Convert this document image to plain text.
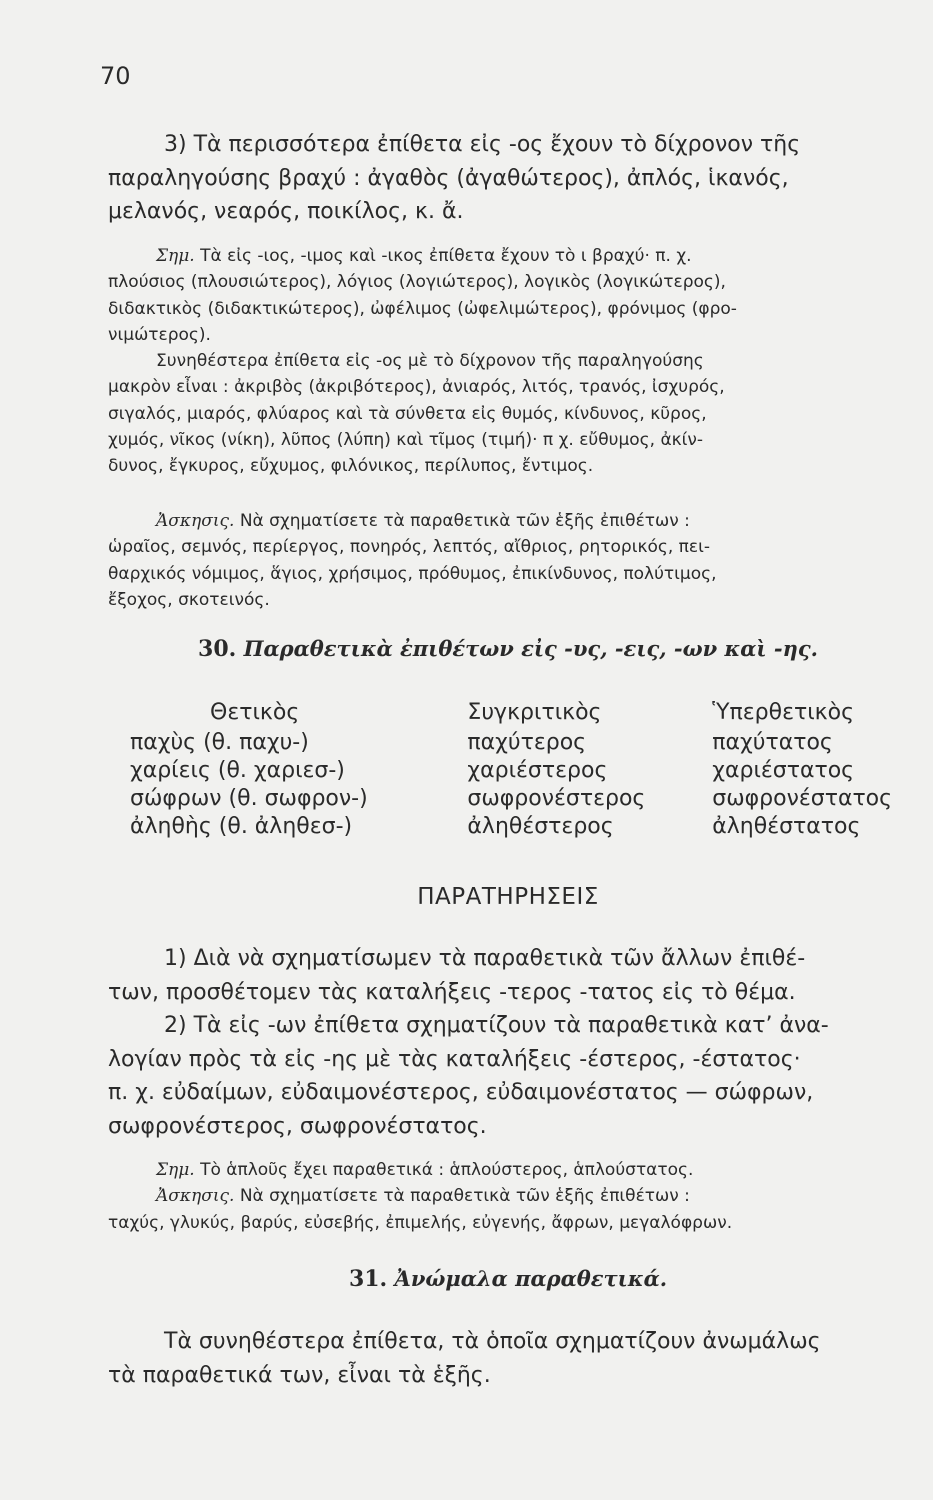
70
3) Τὰ περισσότερα ἐπίθετα εἰς -ος ἔχουν τὸ δίχρονον τῆς
παραληγούσης βραχύ : ἀγαθὸς (ἀγαθώτερος), ἀπλός, ἱκανός,
μελανός, νεαρός, ποικίλος, κ. ἄ.
Σημ. Τὰ εἰς -ιος, -ιμος καὶ -ικος ἐπίθετα ἔχουν τὸ ι βραχύ· π. χ.
πλούσιος (πλουσιώτερος), λόγιος (λογιώτερος), λογικὸς (λογικώτερος),
διδακτικὸς (διδακτικώτερος), ὠφέλιμος (ὠφελιμώτερος), φρόνιμος (φρο-
νιμώτερος).
Συνηθέστερα ἐπίθετα εἰς -ος μὲ τὸ δίχρονον τῆς παραληγούσης
μακρὸν εἶναι : ἀκριβὸς (ἀκριβότερος), ἀνιαρός, λιτός, τρανός, ἰσχυρός,
σιγαλός, μιαρός, φλύαρος καὶ τὰ σύνθετα εἰς θυμός, κίνδυνος, κῦρος,
χυμός, νῖκος (νίκη), λῦπος (λύπη) καὶ τῖμος (τιμή)· π χ. εὔθυμος, ἀκίν-
δυνος, ἔγκυρος, εὔχυμος, φιλόνικος, περίλυπος, ἔντιμος.
Ἀσκησις. Νὰ σχηματίσετε τὰ παραθετικὰ τῶν ἑξῆς ἐπιθέτων :
ὡραῖος, σεμνός, περίεργος, πονηρός, λεπτός, αἴθριος, ρητορικός, πει-
θαρχικός νόμιμος, ἅγιος, χρήσιμος, πρόθυμος, ἐπικίνδυνος, πολύτιμος,
ἔξοχος, σκοτεινός.
30. Παραθετικὰ ἐπιθέτων εἰς -υς, -εις, -ων καὶ -ης.
Θετικὸς	Συγκριτικὸς	Ὑπερθετικὸς
παχὺς (θ. παχυ-)	παχύτερος	παχύτατος
χαρίεις (θ. χαριεσ-)	χαριέστερος	χαριέστατος
σώφρων (θ. σωφρον-)	σωφρονέστερος	σωφρονέστατος
ἀληθὴς (θ. ἀληθεσ-)	ἀληθέστερος	ἀληθέστατος
ΠΑΡΑΤΗΡΗΣΕΙΣ
1) Διὰ νὰ σχηματίσωμεν τὰ παραθετικὰ τῶν ἄλλων ἐπιθέ-
των, προσθέτομεν τὰς καταλήξεις -τερος -τατος εἰς τὸ θέμα.
2) Τὰ εἰς -ων ἐπίθετα σχηματίζουν τὰ παραθετικὰ κατ’ ἀνα-
λογίαν πρὸς τὰ εἰς -ης μὲ τὰς καταλήξεις -έστερος, -έστατος·
π. χ. εὐδαίμων, εὐδαιμονέστερος, εὐδαιμονέστατος — σώφρων,
σωφρονέστερος, σωφρονέστατος.
Σημ. Τὸ ἁπλοῦς ἔχει παραθετικά : ἁπλούστερος, ἁπλούστατος.
Ἀσκησις. Νὰ σχηματίσετε τὰ παραθετικὰ τῶν ἑξῆς ἐπιθέτων :
ταχύς, γλυκύς, βαρύς, εὐσεβής, ἐπιμελής, εὐγενής, ἄφρων, μεγαλόφρων.
31. Ἀνώμαλα παραθετικά.
Τὰ συνηθέστερα ἐπίθετα, τὰ ὁποῖα σχηματίζουν ἀνωμάλως
τὰ παραθετικά των, εἶναι τὰ ἑξῆς.
